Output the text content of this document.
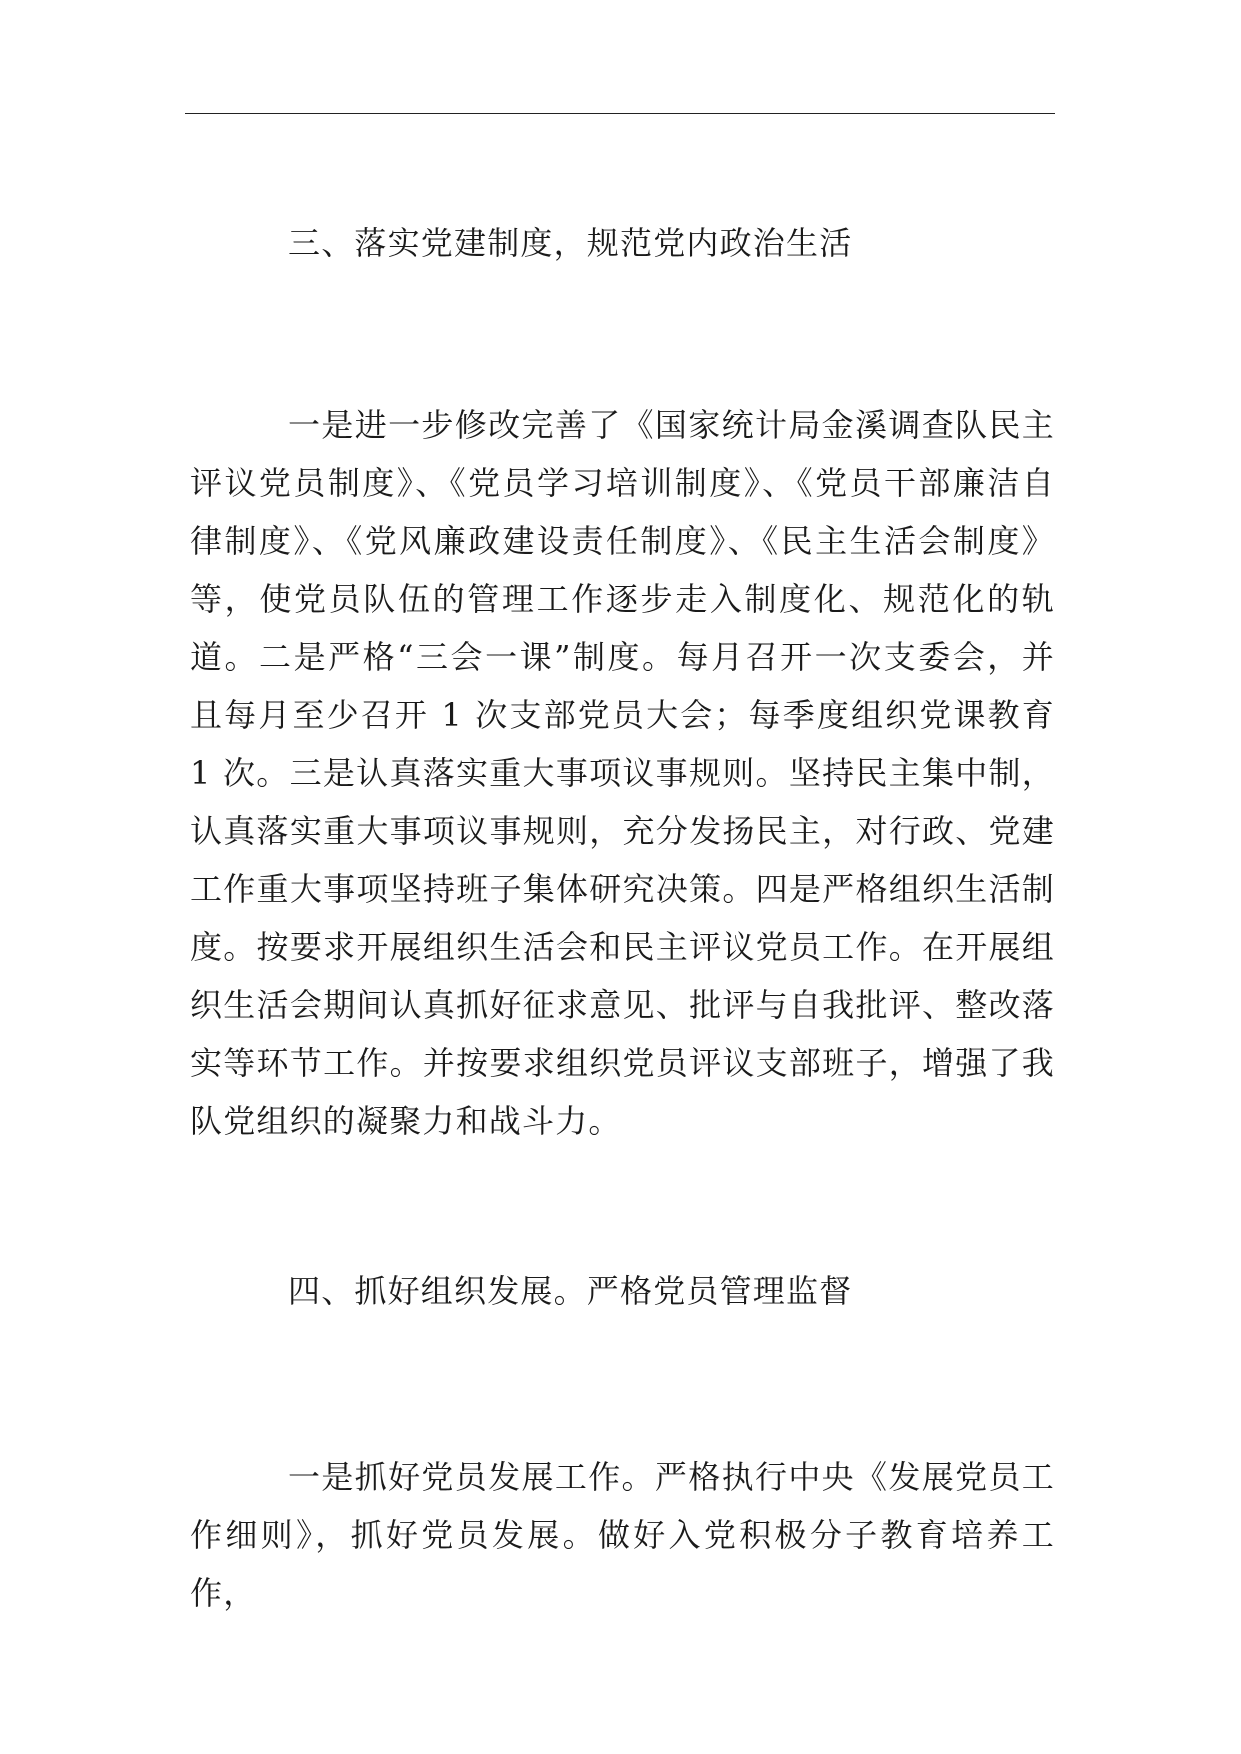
三、落实党建制度，规范党内政治生活

一是进一步修改完善了《国家统计局金溪调查队民主评议党员制度》、《党员学习培训制度》、《党员干部廉洁自律制度》、《党风廉政建设责任制度》、《民主生活会制度》等，使党员队伍的管理工作逐步走入制度化、规范化的轨道。二是严格“三会一课”制度。每月召开一次支委会，并且每月至少召开 1 次支部党员大会；每季度组织党课教育 1 次。三是认真落实重大事项议事规则。坚持民主集中制，认真落实重大事项议事规则，充分发扬民主，对行政、党建工作重大事项坚持班子集体研究决策。四是严格组织生活制度。按要求开展组织生活会和民主评议党员工作。在开展组织生活会期间认真抓好征求意见、批评与自我批评、整改落实等环节工作。并按要求组织党员评议支部班子，增强了我队党组织的凝聚力和战斗力。

四、抓好组织发展。严格党员管理监督

一是抓好党员发展工作。严格执行中央《发展党员工作细则》，抓好党员发展。做好入党积极分子教育培养工作，
